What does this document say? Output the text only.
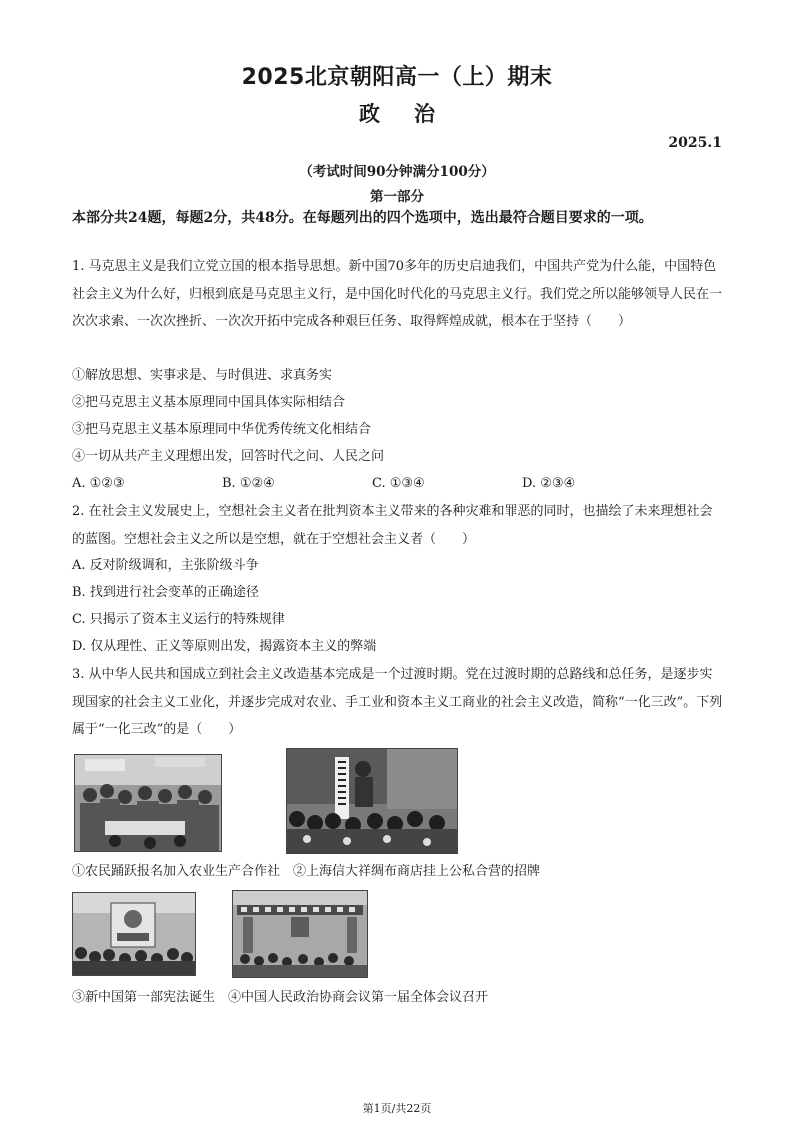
2025北京朝阳高一（上）期末
政治
2025.1
（考试时间90分钟满分100分）
第一部分
本部分共24题，每题2分，共48分。在每题列出的四个选项中，选出最符合题目要求的一项。
1. 马克思主义是我们立党立国的根本指导思想。新中国70多年的历史启迪我们，中国共产党为什么能，中国特色社会主义为什么好，归根到底是马克思主义行，是中国化时代化的马克思主义行。我们党之所以能够领导人民在一次次求索、一次次挫折、一次次开拓中完成各种艰巨任务、取得辉煌成就，根本在于坚持（　　）
①解放思想、实事求是、与时俱进、求真务实
②把马克思主义基本原理同中国具体实际相结合
③把马克思主义基本原理同中华优秀传统文化相结合
④一切从共产主义理想出发，回答时代之问、人民之问
A. ①②③	B. ①②④	C. ①③④	D. ②③④
2. 在社会主义发展史上，空想社会主义者在批判资本主义带来的各种灾难和罪恶的同时，也描绘了未来理想社会的蓝图。空想社会主义之所以是空想，就在于空想社会主义者（　　）
A. 反对阶级调和，主张阶级斗争
B. 找到进行社会变革的正确途径
C. 只揭示了资本主义运行的特殊规律
D. 仅从理性、正义等原则出发，揭露资本主义的弊端
3. 从中华人民共和国成立到社会主义改造基本完成是一个过渡时期。党在过渡时期的总路线和总任务，是逐步实现国家的社会主义工业化，并逐步完成对农业、手工业和资本主义工商业的社会主义改造，简称“一化三改”。下列属于“一化三改”的是（　　）
①农民踊跃报名加入农业生产合作社　②上海信大祥绸布商店挂上公私合营的招牌
③新中国第一部宪法诞生　④中国人民政治协商会议第一届全体会议召开
第1页/共22页
